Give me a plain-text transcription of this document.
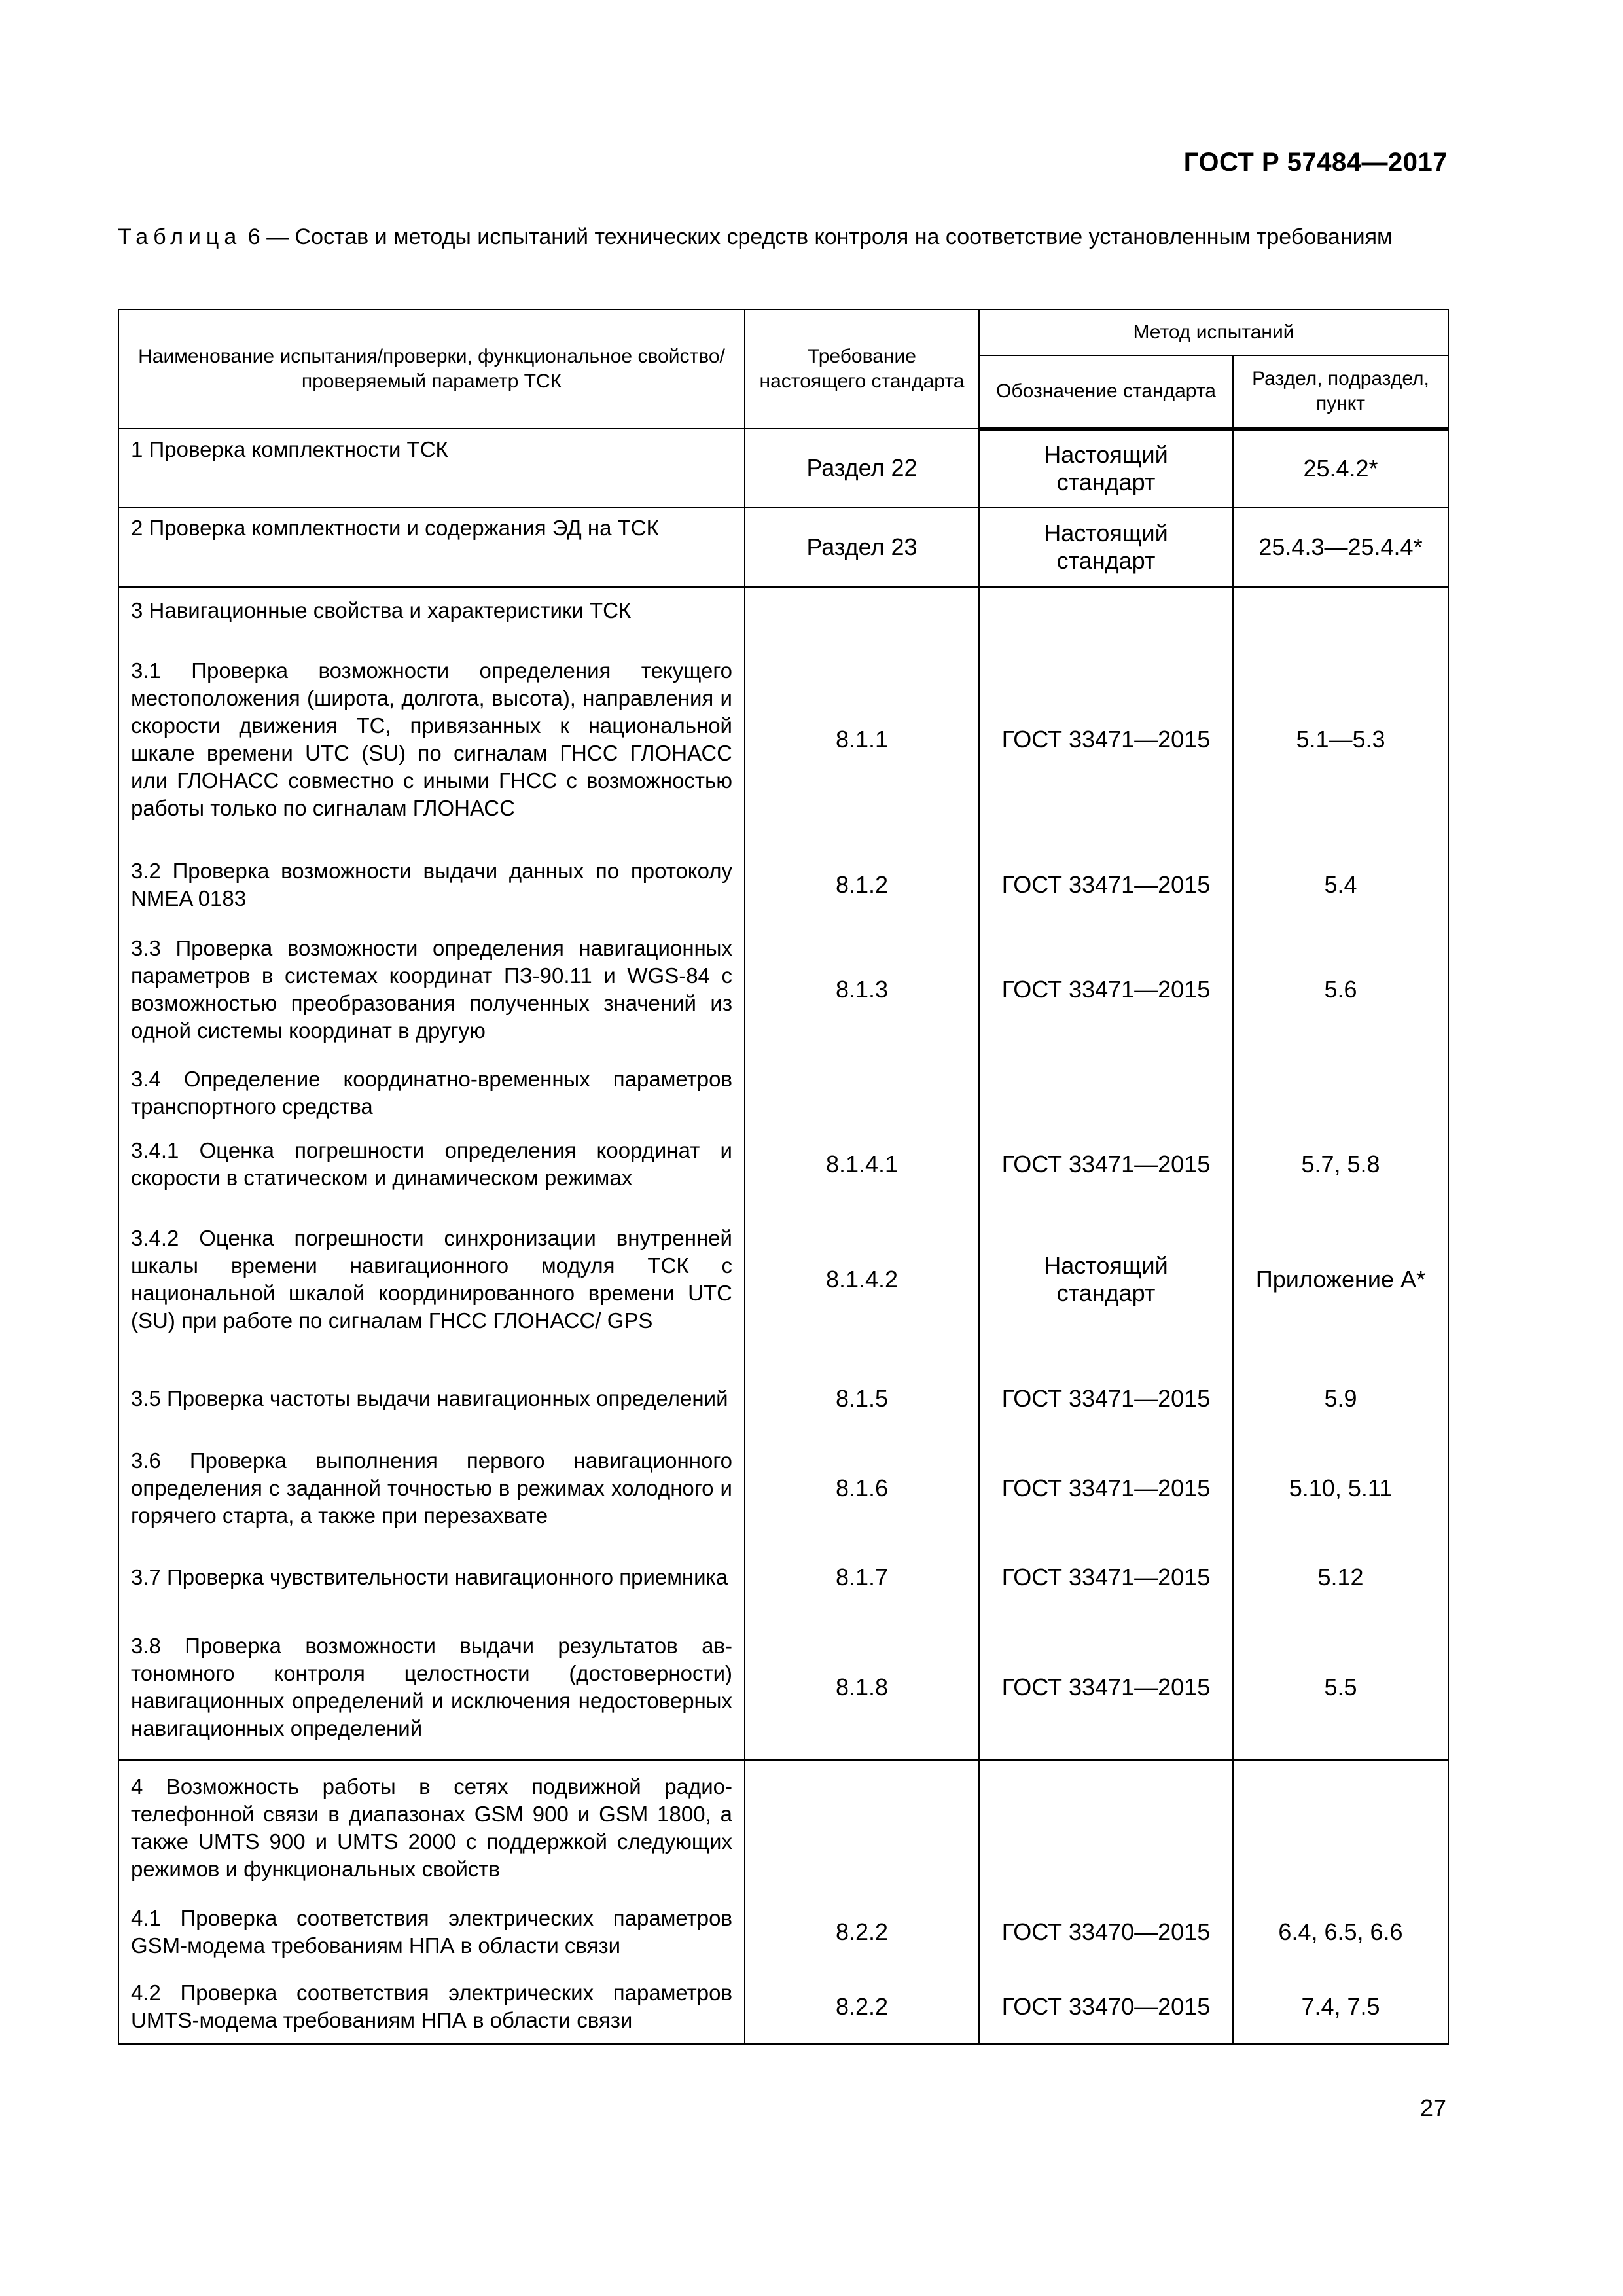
ГОСТ Р 57484—2017
Таблица 6 — Состав и методы испытаний технических средств контроля на соответствие установленным требованиям
Наименование испытания/проверки, функциональное свойство/проверяемый параметр ТСК	Требование настоящего стандарта	Метод испытаний	
		Обозначение стандарта	Раздел, подраздел, пункт
1 Проверка комплектности ТСК	Раздел 22	Настоящий стандарт	25.4.2*
2 Проверка комплектности и содержания ЭД на ТСК	Раздел 23	Настоящий стандарт	25.4.3—25.4.4*
3 Навигационные свойства и характеристики ТСК			
3.1 Проверка возможности определения текущего местоположения (широта, долгота, высота), направления и скорости движения ТС, привязанных к национальной шкале времени UTC (SU) по сигналам ГНСС ГЛОНАСС или ГЛОНАСС совместно с иными ГНСС с возможностью работы только по сигналам ГЛОНАСС	8.1.1	ГОСТ 33471—2015	5.1—5.3
3.2 Проверка возможности выдачи данных по протоколу NMEA 0183	8.1.2	ГОСТ 33471—2015	5.4
3.3 Проверка возможности определения навигационных параметров в системах координат ПЗ-90.11 и WGS-84 с возможностью преобразования полученных значений из одной системы координат в другую	8.1.3	ГОСТ 33471—2015	5.6
3.4 Определение координатно-временных параметров транспортного средства			
3.4.1 Оценка погрешности определения координат и скорости в статическом и динамическом режимах	8.1.4.1	ГОСТ 33471—2015	5.7, 5.8
3.4.2 Оценка погрешности синхронизации внутренней шкалы времени навигационного модуля ТСК с национальной шкалой координированного времени UTC (SU) при работе по сигналам ГНСС ГЛОНАСС/ GPS	8.1.4.2	Настоящий стандарт	Приложение А*
3.5 Проверка частоты выдачи навигационных определений	8.1.5	ГОСТ 33471—2015	5.9
3.6 Проверка выполнения первого навигационного определения с заданной точностью в режимах холодного и горячего старта, а также при перезахвате	8.1.6	ГОСТ 33471—2015	5.10, 5.11
3.7 Проверка чувствительности навигационного приемника	8.1.7	ГОСТ 33471—2015	5.12
3.8 Проверка возможности выдачи результатов автономного контроля целостности (достоверности) навигационных определений и исключения недостоверных навигационных определений	8.1.8	ГОСТ 33471—2015	5.5
4 Возможность работы в сетях подвижной радиотелефонной связи в диапазонах GSM 900 и GSM 1800, а также UMTS 900 и UMTS 2000 с поддержкой следующих режимов и функциональных свойств			
4.1 Проверка соответствия электрических параметров GSM-модема требованиям НПА в области связи	8.2.2	ГОСТ 33470—2015	6.4, 6.5, 6.6
4.2 Проверка соответствия электрических параметров UMTS-модема требованиям НПА в области связи	8.2.2	ГОСТ 33470—2015	7.4, 7.5
27
